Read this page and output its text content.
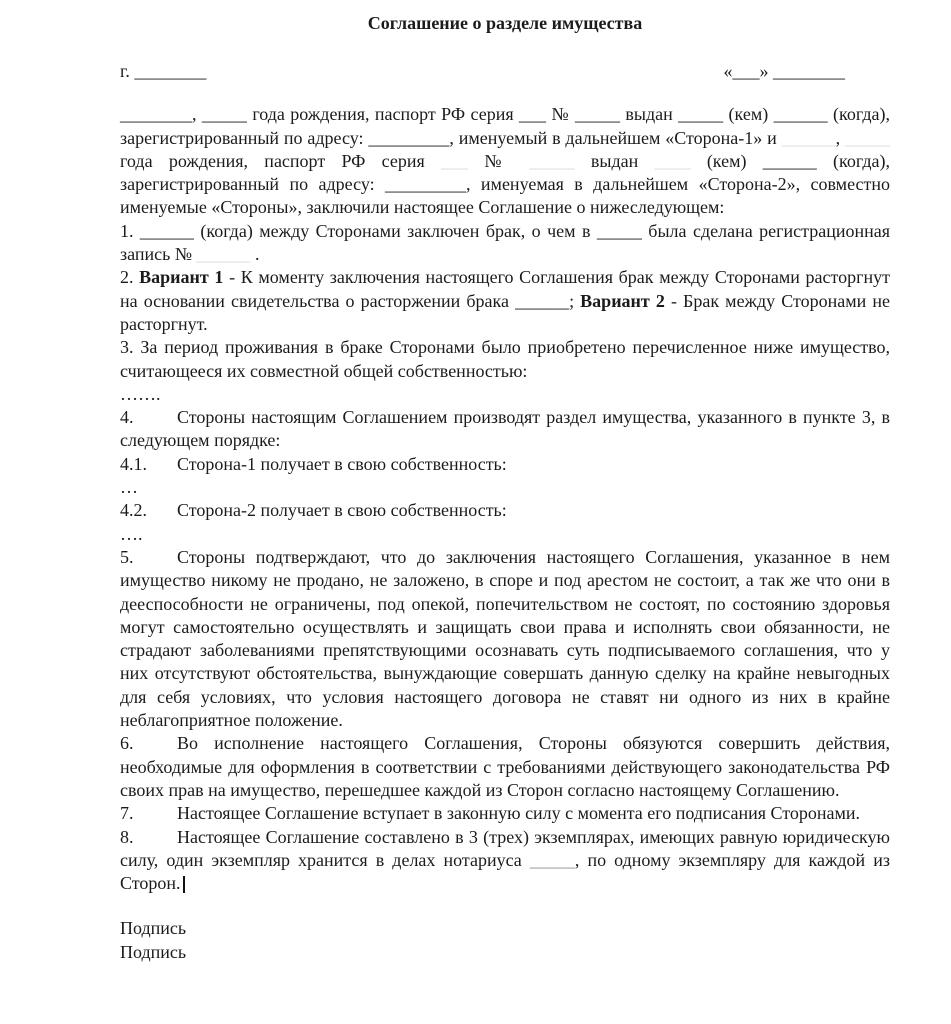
Соглашение о разделе имущества
г. ________	«___» ________

________, _____ года рождения, паспорт РФ серия ___ № _____ выдан _____ (кем) ______ (когда), зарегистрированный по адресу: _________, именуемый в дальнейшем «Сторона-1» и ______, _____ года рождения, паспорт РФ серия ___ № _____ выдан ____ (кем) ______ (когда), зарегистрированный по адресу: _________, именуемая в дальнейшем «Сторона-2», совместно именуемые «Стороны», заключили настоящее Соглашение о нижеследующем:

1. ______ (когда) между Сторонами заключен брак, о чем в _____ была сделана регистрационная запись № ______ .

2. Вариант 1 - К моменту заключения настоящего Соглашения брак между Сторонами расторгнут на основании свидетельства о расторжении брака ______; Вариант 2 - Брак между Сторонами не расторгнут.

3. За период проживания в браке Сторонами было приобретено перечисленное ниже имущество, считающееся их совместной общей собственностью:

…….

4. Стороны настоящим Соглашением производят раздел имущества, указанного в пункте 3, в следующем порядке:

4.1. Сторона-1 получает в свою собственность:

…

4.2. Сторона-2 получает в свою собственность:

….

5. Стороны подтверждают, что до заключения настоящего Соглашения, указанное в нем имущество никому не продано, не заложено, в споре и под арестом не состоит, а так же что они в дееспособности не ограничены, под опекой, попечительством не состоят, по состоянию здоровья могут самостоятельно осуществлять и защищать свои права и исполнять свои обязанности, не страдают заболеваниями препятствующими осознавать суть подписываемого соглашения, что у них отсутствуют обстоятельства, вынуждающие совершать данную сделку на крайне невыгодных для себя условиях, что условия настоящего договора не ставят ни одного из них в крайне неблагоприятное положение.

6. Во исполнение настоящего Соглашения, Стороны обязуются совершить действия, необходимые для оформления в соответствии с требованиями действующего законодательства РФ своих прав на имущество, перешедшее каждой из Сторон согласно настоящему Соглашению.

7. Настоящее Соглашение вступает в законную силу с момента его подписания Сторонами.

8. Настоящее Соглашение составлено в 3 (трех) экземплярах, имеющих равную юридическую силу, один экземпляр хранится в делах нотариуса _____, по одному экземпляру для каждой из Сторон.

Подпись

Подпись
